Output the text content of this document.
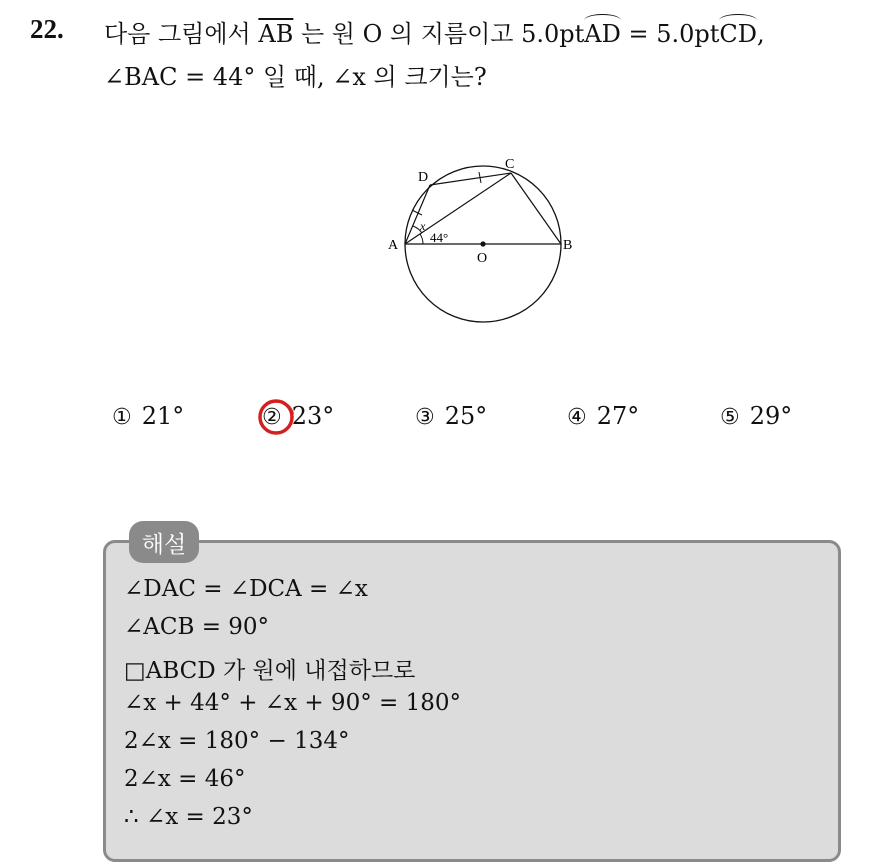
22. 다음 그림에서 $\overline{AB}$ 는 원 O 의 지름이고 5.0ptAD = 5.0ptCD,
∠BAC = 44° 일 때, ∠x 의 크기는?
D
C
A	B
O
44°
x
① 21°	② 23°	③ 25°	④ 27°	⑤ 29°
해설
∠DAC = ∠DCA = ∠x
∠ACB = 90°
□ABCD 가 원에 내접하므로
∠x + 44° + ∠x + 90° = 180°
2∠x = 180° − 134°
2∠x = 46°
∴ ∠x = 23°
